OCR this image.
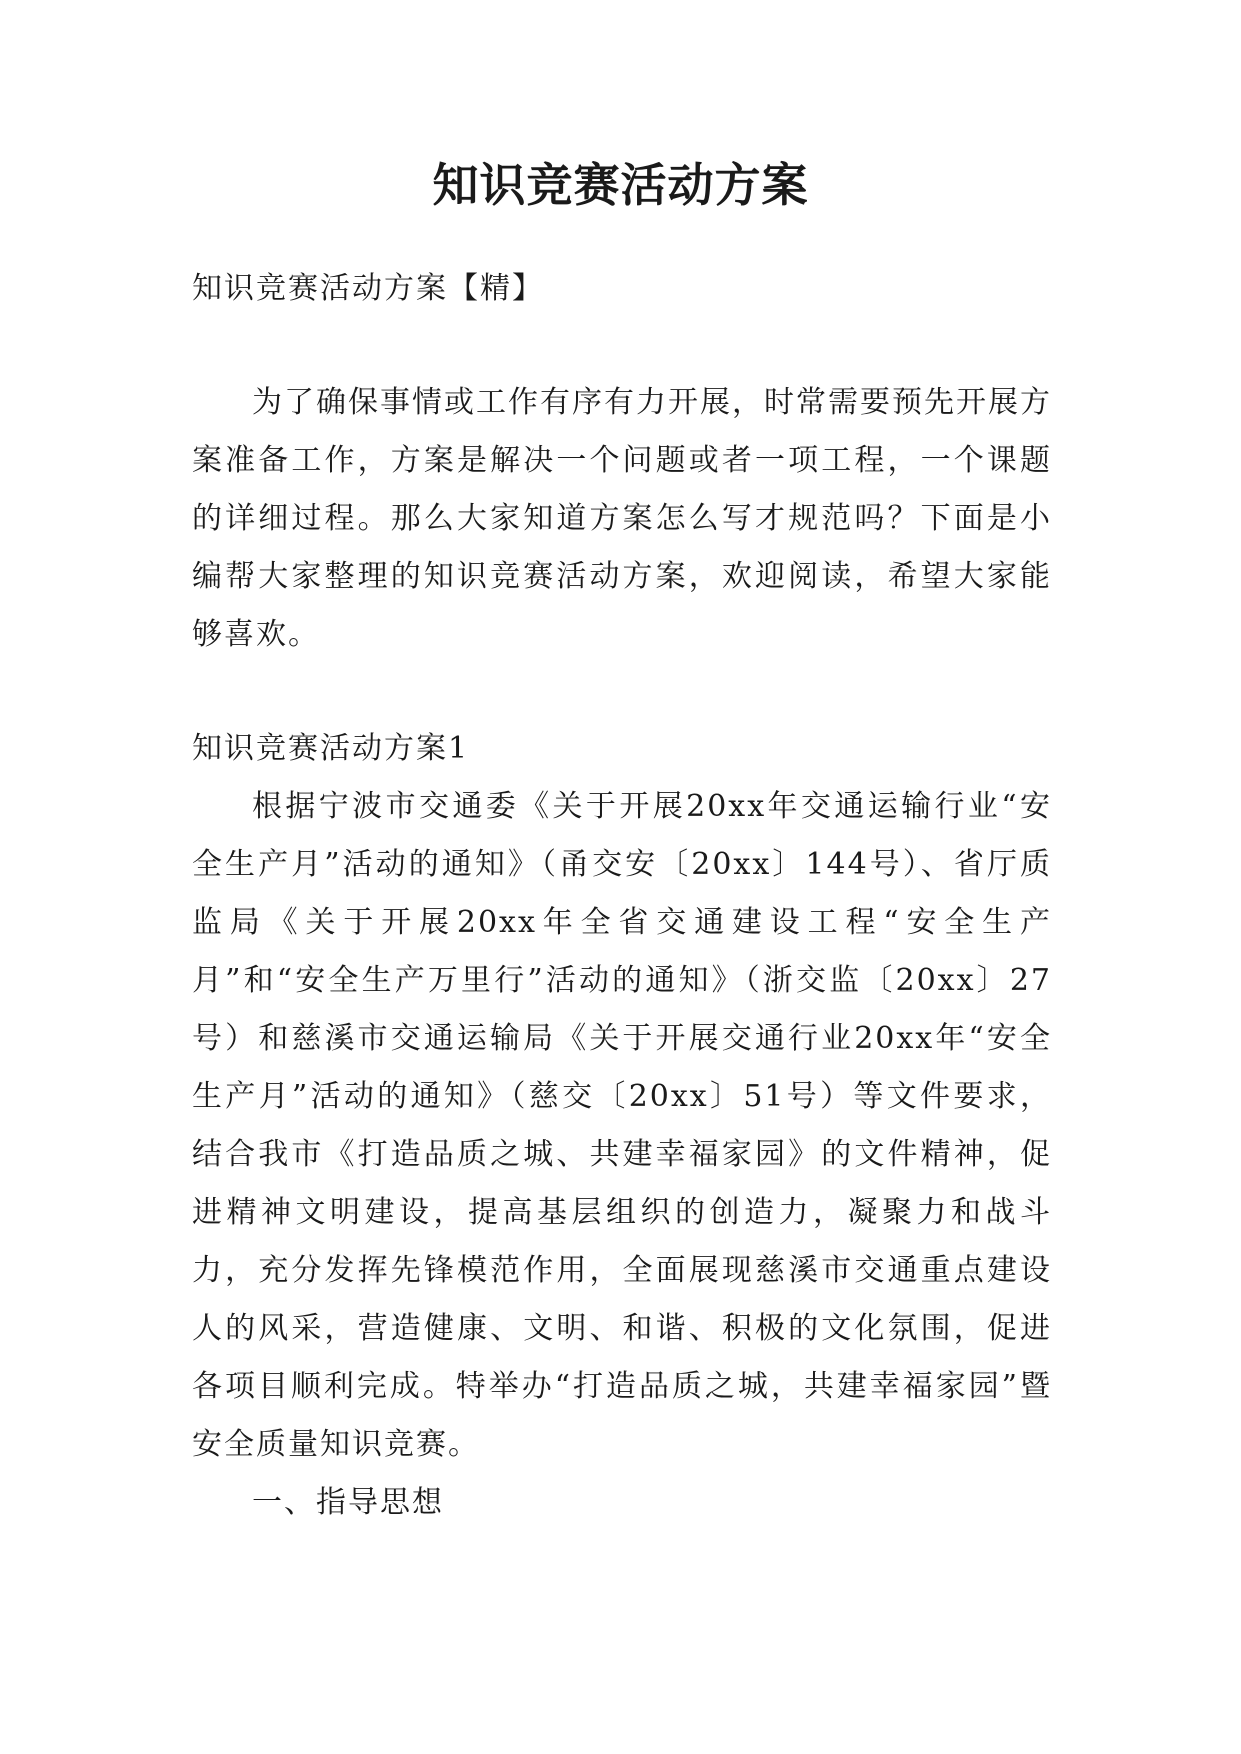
知识竞赛活动方案

知识竞赛活动方案【精】

为了确保事情或工作有序有力开展，时常需要预先开展方案准备工作，方案是解决一个问题或者一项工程，一个课题的详细过程。那么大家知道方案怎么写才规范吗？下面是小编帮大家整理的知识竞赛活动方案，欢迎阅读，希望大家能够喜欢。

知识竞赛活动方案1

根据宁波市交通委《关于开展20xx年交通运输行业“安全生产月”活动的通知》（甬交安〔20xx〕144号）、省厅质监局《关于开展20xx年全省交通建设工程“安全生产月”和“安全生产万里行”活动的通知》（浙交监〔20xx〕27号）和慈溪市交通运输局《关于开展交通行业20xx年“安全生产月”活动的通知》（慈交〔20xx〕51号）等文件要求，结合我市《打造品质之城、共建幸福家园》的文件精神，促进精神文明建设，提高基层组织的创造力，凝聚力和战斗力，充分发挥先锋模范作用，全面展现慈溪市交通重点建设人的风采，营造健康、文明、和谐、积极的文化氛围，促进各项目顺利完成。特举办“打造品质之城，共建幸福家园”暨安全质量知识竞赛。

一、指导思想
